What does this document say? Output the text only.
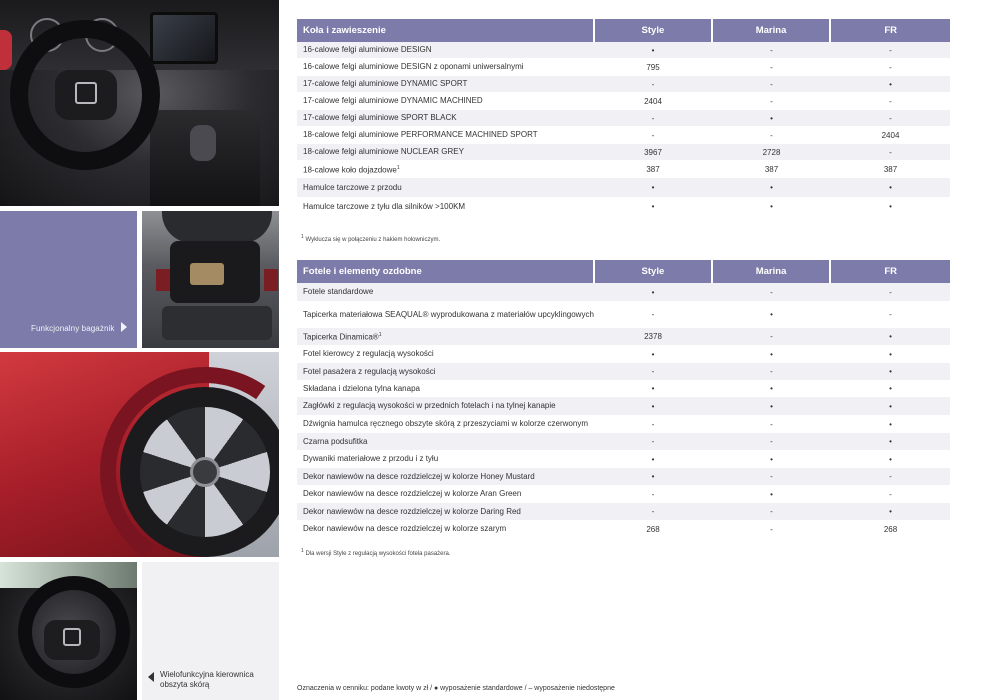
Funkcjonalny bagażnik
Wielofunkcyjna kierownica obszyta skórą
Koła i zawieszenie	Style	Marina	FR
16-calowe felgi aluminiowe DESIGN	•	-	-
16-calowe felgi aluminiowe DESIGN z oponami uniwersalnymi	795	-	-
17-calowe felgi aluminiowe DYNAMIC SPORT	-	-	•
17-calowe felgi aluminiowe DYNAMIC MACHINED	2404	-	-
17-calowe felgi aluminiowe SPORT BLACK	-	•	-
18-calowe felgi aluminiowe PERFORMANCE MACHINED SPORT	-	-	2404
18-calowe felgi aluminiowe NUCLEAR GREY	3967	2728	-
18-calowe koło dojazdowe$^1$	387	387	387
Hamulce tarczowe z przodu	•	•	•
Hamulce tarczowe z tyłu dla silników >100KM	•	•	•
$^1$ Wyklucza się w połączeniu z hakiem holowniczym.
Fotele i elementy ozdobne	Style	Marina	FR
Fotele standardowe	•	-	-
Tapicerka materiałowa SEAQUAL® wyprodukowana z materiałów upcyklingowych	-	•	-
Tapicerka Dinamica®$^1$	2378	-	•
Fotel kierowcy z regulacją wysokości	•	•	•
Fotel pasażera z regulacją wysokości	-	-	•
Składana i dzielona tylna kanapa	•	•	•
Zagłówki z regulacją wysokości w przednich fotelach i na tylnej kanapie	•	•	•
Dźwignia hamulca ręcznego obszyte skórą z przeszyciami w kolorze czerwonym	-	-	•
Czarna podsufitka	-	-	•
Dywaniki materiałowe z przodu i z tyłu	•	•	•
Dekor nawiewów na desce rozdzielczej w kolorze Honey Mustard	•	-	-
Dekor nawiewów na desce rozdzielczej w kolorze Aran Green	-	•	-
Dekor nawiewów na desce rozdzielczej w kolorze Daring Red	-	-	•
Dekor nawiewów na desce rozdzielczej w kolorze szarym	268	-	268
$^1$ Dla wersji Style z regulacją wysokości fotela pasażera.
Oznaczenia w cenniku: podane kwoty w zł / ● wyposażenie standardowe / – wyposażenie niedostępne
